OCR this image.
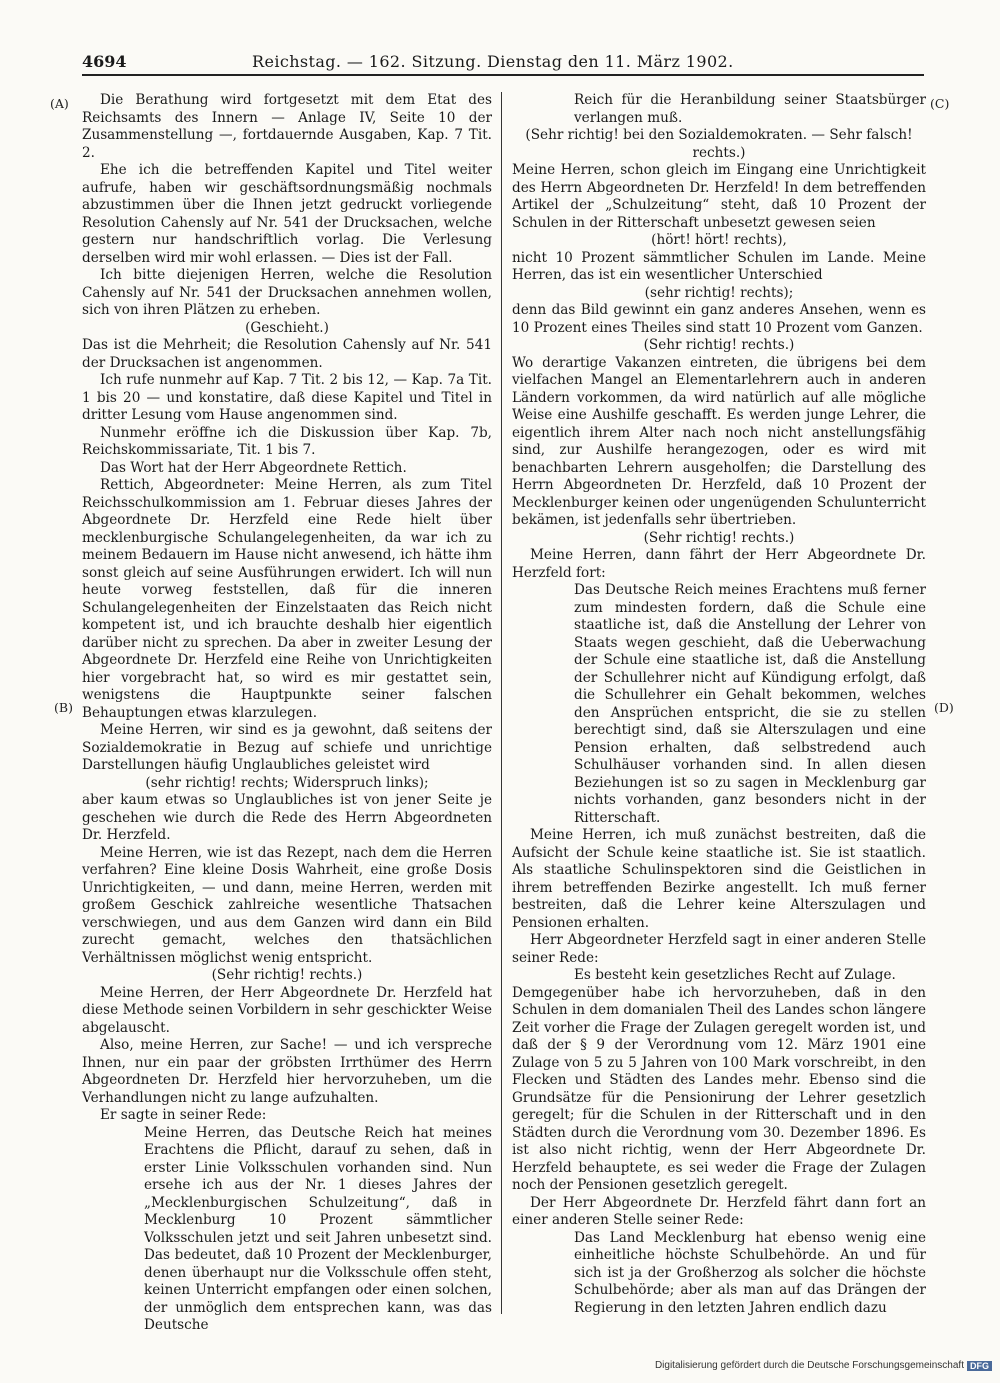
4694	Reichstag. — 162. Sitzung. Dienstag den 11. März 1902.
(A)
(B)
(C)
(D)

Die Berathung wird fortgesetzt mit dem Etat des Reichsamts des Innern — Anlage IV, Seite 10 der Zusammenstellung —, fortdauernde Ausgaben, Kap. 7 Tit. 2.

Ehe ich die betreffenden Kapitel und Titel weiter aufrufe, haben wir geschäftsordnungsmäßig nochmals abzustimmen über die Ihnen jetzt gedruckt vorliegende Resolution Cahensly auf Nr. 541 der Drucksachen, welche gestern nur handschriftlich vorlag. Die Verlesung derselben wird mir wohl erlassen. — Dies ist der Fall.

Ich bitte diejenigen Herren, welche die Resolution Cahensly auf Nr. 541 der Drucksachen annehmen wollen, sich von ihren Plätzen zu erheben.

(Geschieht.)

Das ist die Mehrheit; die Resolution Cahensly auf Nr. 541 der Drucksachen ist angenommen.

Ich rufe nunmehr auf Kap. 7 Tit. 2 bis 12, — Kap. 7a Tit. 1 bis 20 — und konstatire, daß diese Kapitel und Titel in dritter Lesung vom Hause angenommen sind.

Nunmehr eröffne ich die Diskussion über Kap. 7b, Reichskommissariate, Tit. 1 bis 7.

Das Wort hat der Herr Abgeordnete Rettich.

Rettich, Abgeordneter: Meine Herren, als zum Titel Reichsschulkommission am 1. Februar dieses Jahres der Abgeordnete Dr. Herzfeld eine Rede hielt über mecklenburgische Schulangelegenheiten, da war ich zu meinem Bedauern im Hause nicht anwesend, ich hätte ihm sonst gleich auf seine Ausführungen erwidert. Ich will nun heute vorweg feststellen, daß für die inneren Schulangelegenheiten der Einzelstaaten das Reich nicht kompetent ist, und ich brauchte deshalb hier eigentlich darüber nicht zu sprechen. Da aber in zweiter Lesung der Abgeordnete Dr. Herzfeld eine Reihe von Unrichtigkeiten hier vorgebracht hat, so wird es mir gestattet sein, wenigstens die Hauptpunkte seiner falschen Behauptungen etwas klarzulegen.

Meine Herren, wir sind es ja gewohnt, daß seitens der Sozialdemokratie in Bezug auf schiefe und unrichtige Darstellungen häufig Unglaubliches geleistet wird

(sehr richtig! rechts; Widerspruch links);

aber kaum etwas so Unglaubliches ist von jener Seite je geschehen wie durch die Rede des Herrn Abgeordneten Dr. Herzfeld.

Meine Herren, wie ist das Rezept, nach dem die Herren verfahren? Eine kleine Dosis Wahrheit, eine große Dosis Unrichtigkeiten, — und dann, meine Herren, werden mit großem Geschick zahlreiche wesentliche Thatsachen verschwiegen, und aus dem Ganzen wird dann ein Bild zurecht gemacht, welches den thatsächlichen Verhältnissen möglichst wenig entspricht.

(Sehr richtig! rechts.)

Meine Herren, der Herr Abgeordnete Dr. Herzfeld hat diese Methode seinen Vorbildern in sehr geschickter Weise abgelauscht.

Also, meine Herren, zur Sache! — und ich verspreche Ihnen, nur ein paar der gröbsten Irrthümer des Herrn Abgeordneten Dr. Herzfeld hier hervorzuheben, um die Verhandlungen nicht zu lange aufzuhalten.

Er sagte in seiner Rede:

Meine Herren, das Deutsche Reich hat meines Erachtens die Pflicht, darauf zu sehen, daß in erster Linie Volksschulen vorhanden sind. Nun ersehe ich aus der Nr. 1 dieses Jahres der „Mecklenburgischen Schulzeitung“, daß in Mecklenburg 10 Prozent sämmtlicher Volksschulen jetzt und seit Jahren unbesetzt sind. Das bedeutet, daß 10 Prozent der Mecklenburger, denen überhaupt nur die Volksschule offen steht, keinen Unterricht empfangen oder einen solchen, der unmöglich dem entsprechen kann, was das Deutsche

Reich für die Heranbildung seiner Staatsbürger verlangen muß.

(Sehr richtig! bei den Sozialdemokraten. — Sehr falsch! rechts.)

Meine Herren, schon gleich im Eingang eine Unrichtigkeit des Herrn Abgeordneten Dr. Herzfeld! In dem betreffenden Artikel der „Schulzeitung“ steht, daß 10 Prozent der Schulen in der Ritterschaft unbesetzt gewesen seien

(hört! hört! rechts),

nicht 10 Prozent sämmtlicher Schulen im Lande. Meine Herren, das ist ein wesentlicher Unterschied

(sehr richtig! rechts);

denn das Bild gewinnt ein ganz anderes Ansehen, wenn es 10 Prozent eines Theiles sind statt 10 Prozent vom Ganzen.

(Sehr richtig! rechts.)

Wo derartige Vakanzen eintreten, die übrigens bei dem vielfachen Mangel an Elementarlehrern auch in anderen Ländern vorkommen, da wird natürlich auf alle mögliche Weise eine Aushilfe geschafft. Es werden junge Lehrer, die eigentlich ihrem Alter nach noch nicht anstellungsfähig sind, zur Aushilfe herangezogen, oder es wird mit benachbarten Lehrern ausgeholfen; die Darstellung des Herrn Abgeordneten Dr. Herzfeld, daß 10 Prozent der Mecklenburger keinen oder ungenügenden Schulunterricht bekämen, ist jedenfalls sehr übertrieben.

(Sehr richtig! rechts.)

Meine Herren, dann fährt der Herr Abgeordnete Dr. Herzfeld fort:

Das Deutsche Reich meines Erachtens muß ferner zum mindesten fordern, daß die Schule eine staatliche ist, daß die Anstellung der Lehrer von Staats wegen geschieht, daß die Ueberwachung der Schule eine staatliche ist, daß die Anstellung der Schullehrer nicht auf Kündigung erfolgt, daß die Schullehrer ein Gehalt bekommen, welches den Ansprüchen entspricht, die sie zu stellen berechtigt sind, daß sie Alterszulagen und eine Pension erhalten, daß selbstredend auch Schulhäuser vorhanden sind. In allen diesen Beziehungen ist so zu sagen in Mecklenburg gar nichts vorhanden, ganz besonders nicht in der Ritterschaft.

Meine Herren, ich muß zunächst bestreiten, daß die Aufsicht der Schule keine staatliche ist. Sie ist staatlich. Als staatliche Schulinspektoren sind die Geistlichen in ihrem betreffenden Bezirke angestellt. Ich muß ferner bestreiten, daß die Lehrer keine Alterszulagen und Pensionen erhalten.

Herr Abgeordneter Herzfeld sagt in einer anderen Stelle seiner Rede:

Es besteht kein gesetzliches Recht auf Zulage.

Demgegenüber habe ich hervorzuheben, daß in den Schulen in dem domanialen Theil des Landes schon längere Zeit vorher die Frage der Zulagen geregelt worden ist, und daß der § 9 der Verordnung vom 12. März 1901 eine Zulage von 5 zu 5 Jahren von 100 Mark vorschreibt, in den Flecken und Städten des Landes mehr. Ebenso sind die Grundsätze für die Pensionirung der Lehrer gesetzlich geregelt; für die Schulen in der Ritterschaft und in den Städten durch die Verordnung vom 30. Dezember 1896. Es ist also nicht richtig, wenn der Herr Abgeordnete Dr. Herzfeld behauptete, es sei weder die Frage der Zulagen noch der Pensionen gesetzlich geregelt.

Der Herr Abgeordnete Dr. Herzfeld fährt dann fort an einer anderen Stelle seiner Rede:

Das Land Mecklenburg hat ebenso wenig eine einheitliche höchste Schulbehörde. An und für sich ist ja der Großherzog als solcher die höchste Schulbehörde; aber als man auf das Drängen der Regierung in den letzten Jahren endlich dazu

Digitalisierung gefördert durch die Deutsche Forschungsgemeinschaft DFG
